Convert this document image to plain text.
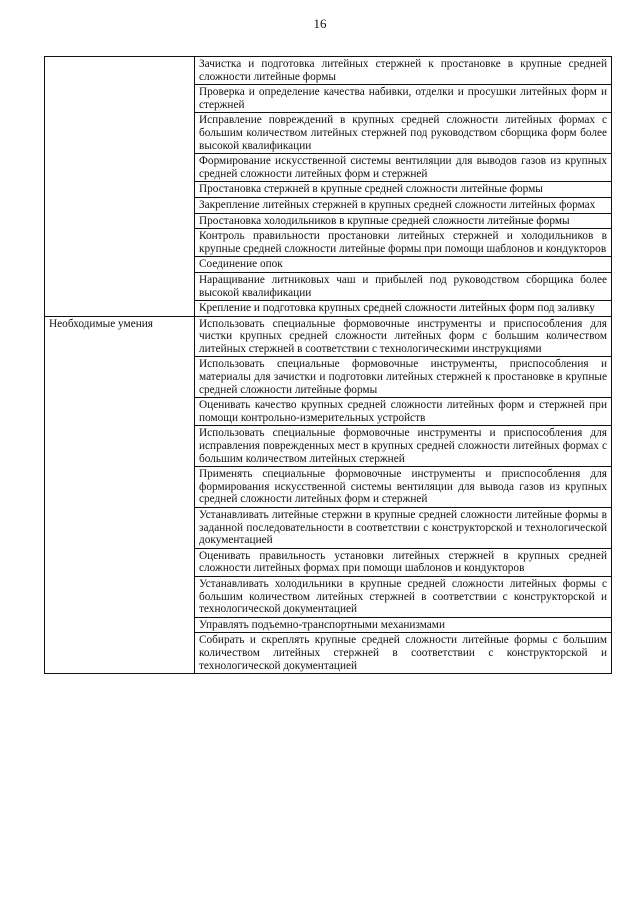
16
	Зачистка и подготовка литейных стержней к простановке в крупные средней сложности литейные формы
	Проверка и определение качества набивки, отделки и просушки литейных форм и стержней
	Исправление повреждений в крупных средней сложности литейных формах с большим количеством литейных стержней под руководством сборщика форм более высокой квалификации
	Формирование искусственной системы вентиляции для выводов газов из крупных средней сложности литейных форм и стержней
	Простановка стержней в крупные средней сложности литейные формы
	Закрепление литейных стержней в крупных средней сложности литейных формах
	Простановка холодильников в крупные средней сложности литейные формы
	Контроль правильности простановки литейных стержней и холодильников в крупные средней сложности литейные формы при помощи шаблонов и кондукторов
	Соединение опок
	Наращивание литниковых чаш и прибылей под руководством сборщика более высокой квалификации
	Крепление и подготовка крупных средней сложности литейных форм под заливку
Необходимые умения	Использовать специальные формовочные инструменты и приспособления для чистки крупных средней сложности литейных форм с большим количеством литейных стержней в соответствии с технологическими инструкциями
	Использовать специальные формовочные инструменты, приспособления и материалы для зачистки и подготовки литейных стержней к простановке в крупные средней сложности литейные формы
	Оценивать качество крупных средней сложности литейных форм и стержней при помощи контрольно-измерительных устройств
	Использовать специальные формовочные инструменты и приспособления для исправления поврежденных мест в крупных средней сложности литейных формах с большим количеством литейных стержней
	Применять специальные формовочные инструменты и приспособления для формирования искусственной системы вентиляции для вывода газов из крупных средней сложности литейных форм и стержней
	Устанавливать литейные стержни в крупные средней сложности литейные формы в заданной последовательности в соответствии с конструкторской и технологической документацией
	Оценивать правильность установки литейных стержней в крупных средней сложности литейных формах при помощи шаблонов и кондукторов
	Устанавливать холодильники в крупные средней сложности литейных формы с большим количеством литейных стержней в соответствии с конструкторской и технологической документацией
	Управлять подъемно-транспортными механизмами
	Собирать и скреплять крупные средней сложности литейные формы с большим количеством литейных стержней в соответствии с конструкторской и технологической документацией
